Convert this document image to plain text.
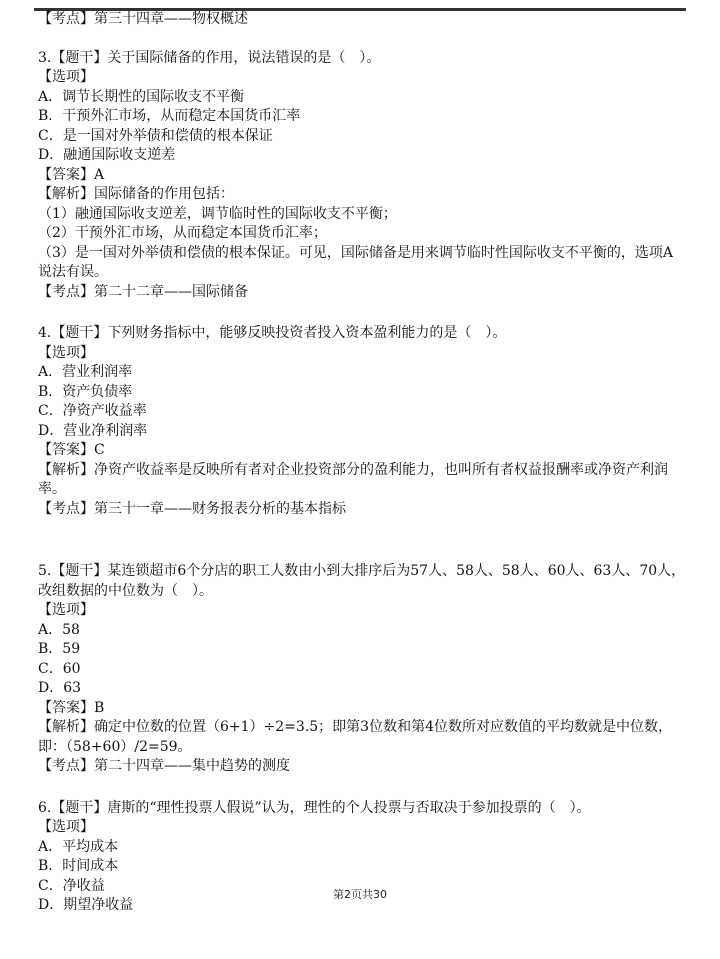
【考点】第三十四章——物权概述
3.【题干】关于国际储备的作用，说法错误的是（　）。
【选项】
A．调节长期性的国际收支不平衡
B．干预外汇市场，从而稳定本国货币汇率
C．是一国对外举债和偿债的根本保证
D．融通国际收支逆差
【答案】A
【解析】国际储备的作用包括：
（1）融通国际收支逆差，调节临时性的国际收支不平衡；
（2）干预外汇市场，从而稳定本国货币汇率；
（3）是一国对外举债和偿债的根本保证。可见，国际储备是用来调节临时性国际收支不平衡的，选项A说法有误。
【考点】第二十二章——国际储备
4.【题干】下列财务指标中，能够反映投资者投入资本盈利能力的是（　）。
【选项】
A．营业利润率
B．资产负债率
C．净资产收益率
D．营业净利润率
【答案】C
【解析】净资产收益率是反映所有者对企业投资部分的盈利能力，也叫所有者权益报酬率或净资产利润率。
【考点】第三十一章——财务报表分析的基本指标
5.【题干】某连锁超市6个分店的职工人数由小到大排序后为57人、58人、58人、60人、63人、70人，改组数据的中位数为（　）。
【选项】
A．58
B．59
C．60
D．63
【答案】B
【解析】确定中位数的位置（6+1）÷2=3.5；即第3位数和第4位数所对应数值的平均数就是中位数，即：（58+60）/2=59。
【考点】第二十四章——集中趋势的测度
6.【题干】唐斯的“理性投票人假说”认为，理性的个人投票与否取决于参加投票的（　）。
【选项】
A．平均成本
B．时间成本
C．净收益
D．期望净收益
第2页共30
